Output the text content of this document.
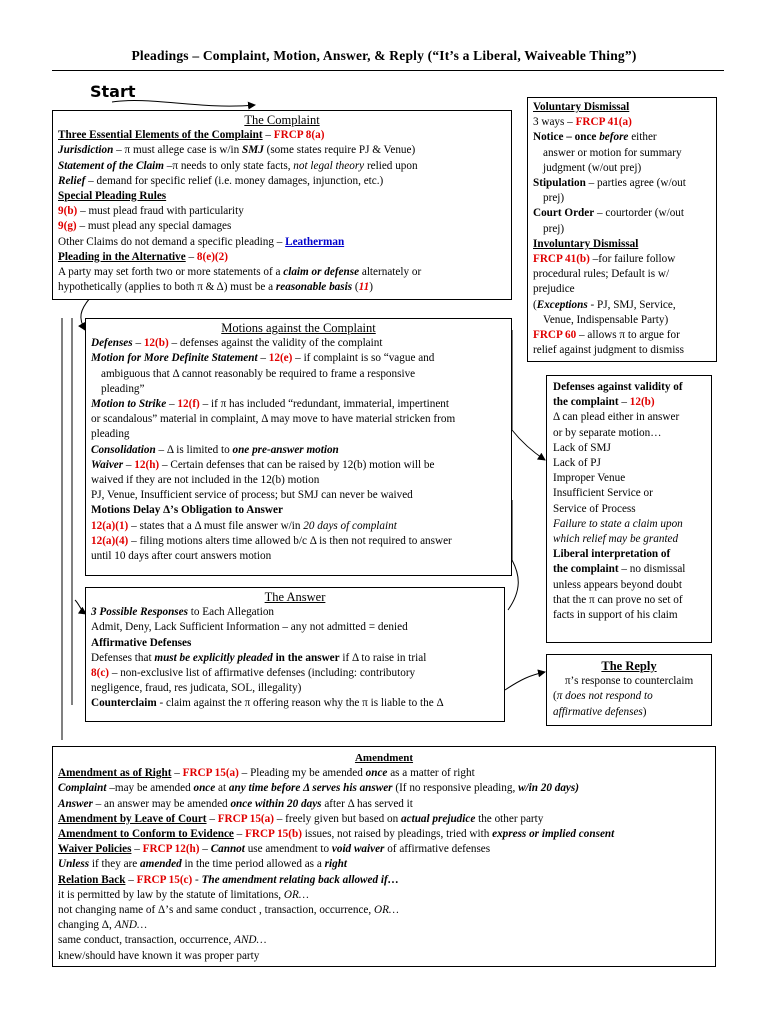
Pleadings – Complaint, Motion, Answer, & Reply (“It’s a Liberal, Waiveable Thing”)
Start
The Complaint
Three Essential Elements of the Complaint – FRCP 8(a)
Jurisdiction – π must allege case is w/in SMJ (some states require PJ & Venue)
Statement of the Claim –π needs to only state facts, not legal theory relied upon
Relief – demand for specific relief (i.e. money damages, injunction, etc.)
Special Pleading Rules
9(b) – must plead fraud with particularity
9(g) – must plead any special damages
Other Claims do not demand a specific pleading – Leatherman
Pleading in the Alternative – 8(e)(2)
A party may set forth two or more statements of a claim or defense alternately or
hypothetically (applies to both π & Δ) must be a reasonable basis (11)
Motions against the Complaint
Defenses – 12(b) – defenses against the validity of the complaint
Motion for More Definite Statement – 12(e) – if complaint is so “vague and
ambiguous that Δ cannot reasonably be required to frame a responsive
pleading”
Motion to Strike – 12(f) – if π has included “redundant, immaterial, impertinent
or scandalous” material in complaint, Δ may move to have material stricken from
pleading
Consolidation – Δ is limited to one pre-answer motion
Waiver – 12(h) – Certain defenses that can be raised by 12(b) motion will be
waived if they are not included in the 12(b) motion
PJ, Venue, Insufficient service of process; but SMJ can never be waived
Motions Delay Δ’s Obligation to Answer
12(a)(1) – states that a Δ must file answer w/in 20 days of complaint
12(a)(4) – filing motions alters time allowed b/c Δ is then not required to answer
until 10 days after court answers motion
The Answer
3 Possible Responses to Each Allegation
Admit, Deny, Lack Sufficient Information – any not admitted = denied
Affirmative Defenses
Defenses that must be explicitly pleaded in the answer if Δ to raise in trial
8(c) – non-exclusive list of affirmative defenses (including: contributory
negligence, fraud, res judicata, SOL, illegality)
Counterclaim - claim against the π offering reason why the π is liable to the Δ
Voluntary Dismissal
3 ways – FRCP 41(a)
Notice – once before either
answer or motion for summary
judgment (w/out prej)
Stipulation – parties agree (w/out
prej)
Court Order – courtorder (w/out
prej)
Involuntary Dismissal
FRCP 41(b) –for failure follow
procedural rules; Default is w/
prejudice
(Exceptions - PJ, SMJ, Service,
Venue, Indispensable Party)
FRCP 60 – allows π to argue for
relief against judgment to dismiss
Defenses against validity of
the complaint – 12(b)
Δ can plead either in answer
or by separate motion…
Lack of SMJ
Lack of PJ
Improper Venue
Insufficient Service or
Service of Process
Failure to state a claim upon
which relief may be granted
Liberal interpretation of
the complaint – no dismissal
unless appears beyond doubt
that the π can prove no set of
facts in support of his claim
The Reply
π’s response to counterclaim
(π does not respond to
affirmative defenses)
Amendment
Amendment as of Right – FRCP 15(a) – Pleading my be amended once as a matter of right
Complaint –may be amended once at any time before Δ serves his answer (If no responsive pleading, w/in 20 days)
Answer – an answer may be amended once within 20 days after Δ has served it
Amendment by Leave of Court – FRCP 15(a) – freely given but based on actual prejudice the other party
Amendment to Conform to Evidence – FRCP 15(b) issues, not raised by pleadings, tried with express or implied consent
Waiver Policies – FRCP 12(h) – Cannot use amendment to void waiver of affirmative defenses
Unless if they are amended in the time period allowed as a right
Relation Back – FRCP 15(c) - The amendment relating back allowed if…
it is permitted by law by the statute of limitations, OR…
not changing name of Δ’s and same conduct , transaction, occurrence, OR…
changing Δ, AND…
same conduct, transaction, occurrence, AND…
knew/should have known it was proper party
